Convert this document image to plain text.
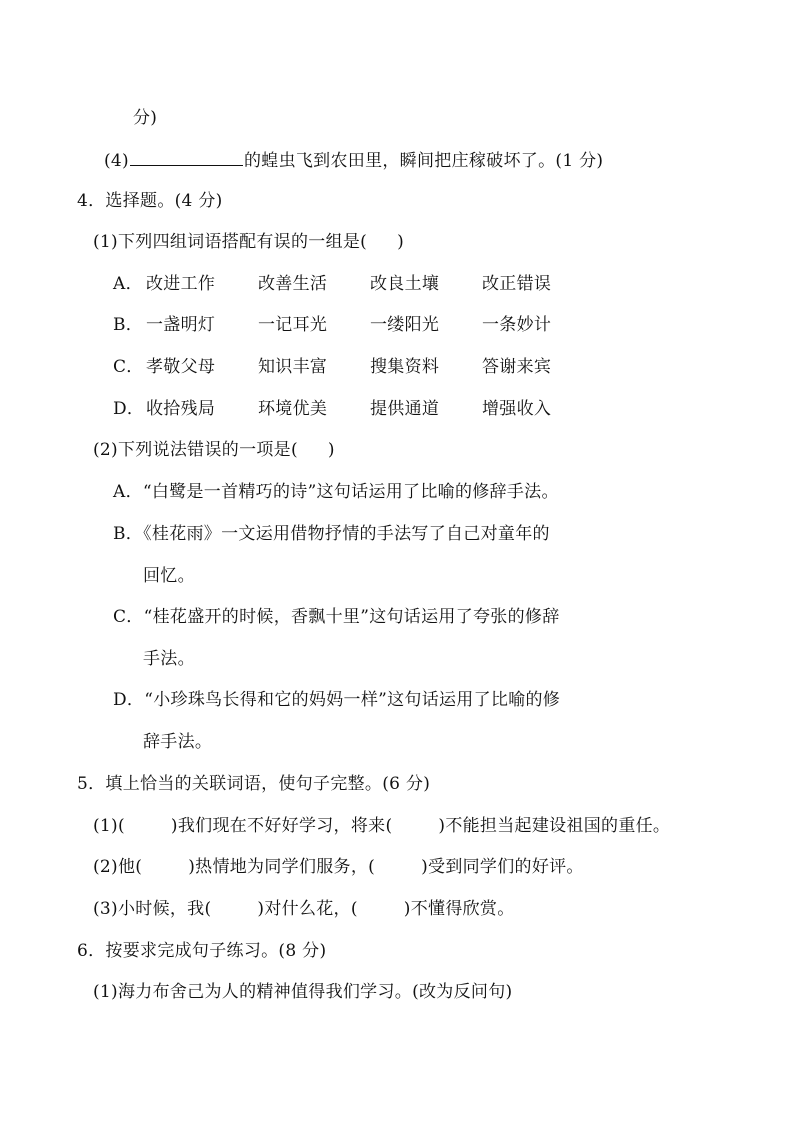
分)
(4)	的蝗虫飞到农田里，瞬间把庄稼破坏了。(1 分)
4．选择题。(4 分)
(1)下列四组词语搭配有误的一组是( )
A． 改进工作	改善生活	改良土壤	改正错误
B． 一盏明灯	一记耳光	一缕阳光	一条妙计
C． 孝敬父母	知识丰富	搜集资料	答谢来宾
D． 收拾残局	环境优美	提供通道	增强收入
(2)下列说法错误的一项是( )
A．“白鹭是一首精巧的诗”这句话运用了比喻的修辞手法。
B．《桂花雨》一文运用借物抒情的手法写了自己对童年的
回忆。
C．“桂花盛开的时候，香飘十里”这句话运用了夸张的修辞
手法。
D．“小珍珠鸟长得和它的妈妈一样”这句话运用了比喻的修
辞手法。
5．填上恰当的关联词语，使句子完整。(6 分)
(1)(	)我们现在不好好学习，将来(	)不能担当起建设祖国的重任。
(2)他(	)热情地为同学们服务，(	)受到同学们的好评。
(3)小时候，我(	)对什么花，(	)不懂得欣赏。
6．按要求完成句子练习。(8 分)
(1)海力布舍己为人的精神值得我们学习。(改为反问句)
